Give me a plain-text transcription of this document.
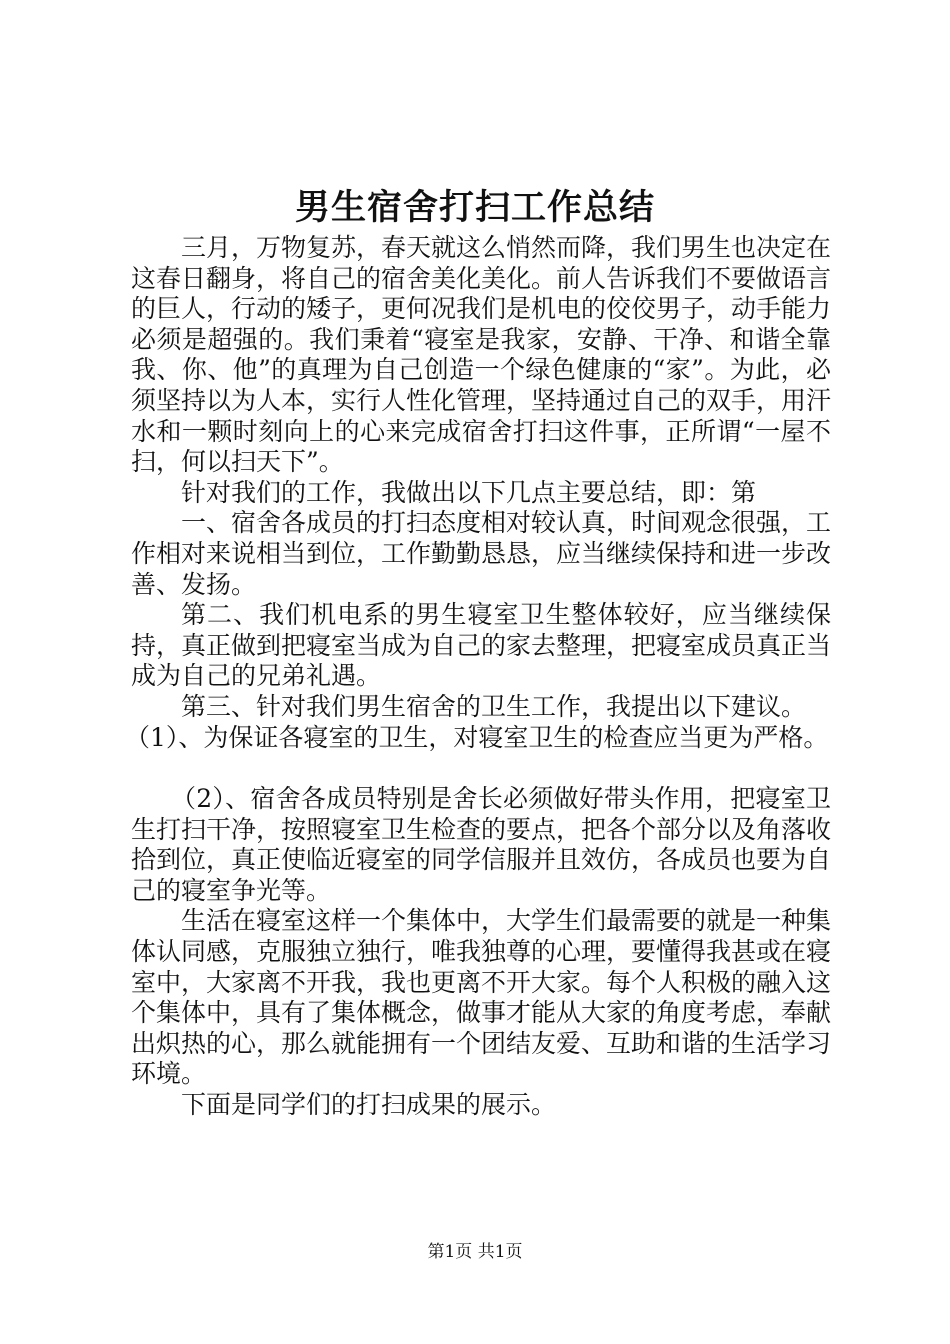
男生宿舍打扫工作总结

三月，万物复苏，春天就这么悄然而降，我们男生也决定在这春日翻身，将自己的宿舍美化美化。前人告诉我们不要做语言的巨人，行动的矮子，更何况我们是机电的佼佼男子，动手能力必须是超强的。我们秉着“寝室是我家，安静、干净、和谐全靠我、你、他”的真理为自己创造一个绿色健康的“家”。为此，必须坚持以为人本，实行人性化管理，坚持通过自己的双手，用汗水和一颗时刻向上的心来完成宿舍打扫这件事，正所谓“一屋不扫，何以扫天下”。

针对我们的工作，我做出以下几点主要总结，即：第

一、宿舍各成员的打扫态度相对较认真，时间观念很强，工作相对来说相当到位，工作勤勤恳恳，应当继续保持和进一步改善、发扬。

第二、我们机电系的男生寝室卫生整体较好，应当继续保持，真正做到把寝室当成为自己的家去整理，把寝室成员真正当成为自己的兄弟礼遇。

第三、针对我们男生宿舍的卫生工作，我提出以下建议。

（1）、为保证各寝室的卫生，对寝室卫生的检查应当更为严格。

（2）、宿舍各成员特别是舍长必须做好带头作用，把寝室卫生打扫干净，按照寝室卫生检查的要点，把各个部分以及角落收拾到位，真正使临近寝室的同学信服并且效仿，各成员也要为自己的寝室争光等。

生活在寝室这样一个集体中，大学生们最需要的就是一种集体认同感，克服独立独行，唯我独尊的心理，要懂得我甚或在寝室中，大家离不开我，我也更离不开大家。每个人积极的融入这个集体中，具有了集体概念，做事才能从大家的角度考虑，奉献出炽热的心，那么就能拥有一个团结友爱、互助和谐的生活学习环境。

下面是同学们的打扫成果的展示。

第1页 共1页
